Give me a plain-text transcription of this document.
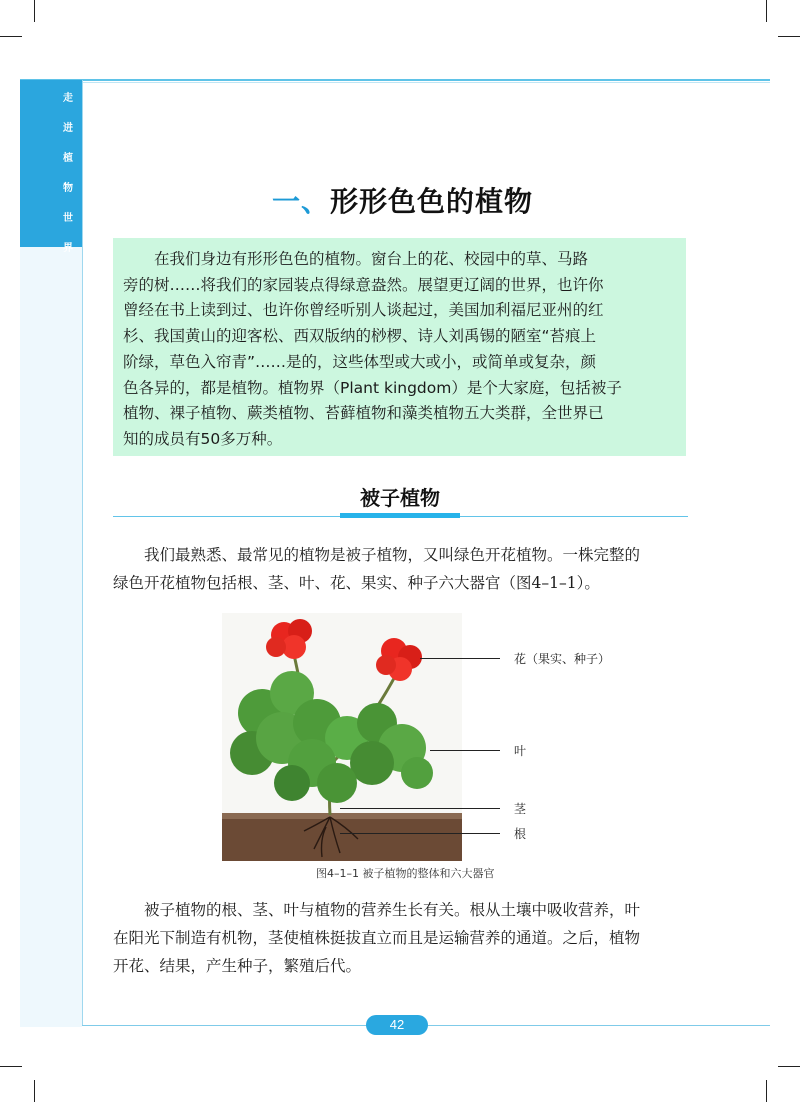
走
进
植
物
世
界
一、形形色色的植物
在我们身边有形形色色的植物。窗台上的花、校园中的草、马路
旁的树……将我们的家园装点得绿意盎然。展望更辽阔的世界，也许你
曾经在书上读到过、也许你曾经听别人谈起过，美国加利福尼亚州的红
杉、我国黄山的迎客松、西双版纳的桫椤、诗人刘禹锡的陋室“苔痕上
阶绿，草色入帘青”……是的，这些体型或大或小，或简单或复杂，颜
色各异的，都是植物。植物界（Plant kingdom）是个大家庭，包括被子
植物、裸子植物、蕨类植物、苔藓植物和藻类植物五大类群，全世界已
知的成员有50多万种。
被子植物
我们最熟悉、最常见的植物是被子植物，又叫绿色开花植物。一株完整的
绿色开花植物包括根、茎、叶、花、果实、种子六大器官（图4–1–1）。
花（果实、种子）
叶
茎
根
图4–1–1 被子植物的整体和六大器官
被子植物的根、茎、叶与植物的营养生长有关。根从土壤中吸收营养，叶
在阳光下制造有机物，茎使植株挺拔直立而且是运输营养的通道。之后，植物
开花、结果，产生种子，繁殖后代。
42
